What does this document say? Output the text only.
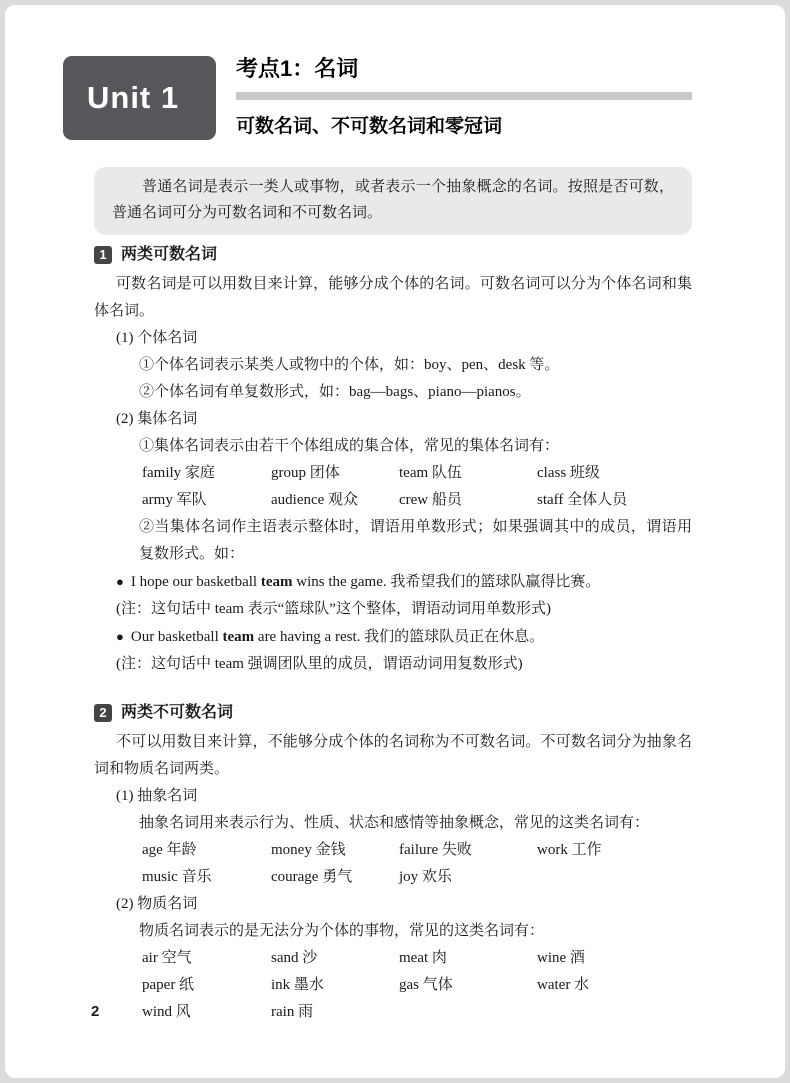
Unit 1
考点1：名词
可数名词、不可数名词和零冠词

普通名词是表示一类人或事物，或者表示一个抽象概念的名词。按照是否可数，普通名词可分为可数名词和不可数名词。

1 两类可数名词

可数名词是可以用数目来计算，能够分成个体的名词。可数名词可以分为个体名词和集体名词。

(1) 个体名词

①个体名词表示某类人或物中的个体，如：boy、pen、desk 等。

②个体名词有单复数形式，如：bag—bags、piano—pianos。

(2) 集体名词

①集体名词表示由若干个体组成的集合体，常见的集体名词有：

family 家庭	group 团体	team 队伍	class 班级
army 军队	audience 观众	crew 船员	staff 全体人员

②当集体名词作主语表示整体时，谓语用单数形式；如果强调其中的成员，谓语用复数形式。如：

● I hope our basketball team wins the game. 我希望我们的篮球队赢得比赛。

(注：这句话中 team 表示“篮球队”这个整体，谓语动词用单数形式)

● Our basketball team are having a rest. 我们的篮球队员正在休息。

(注：这句话中 team 强调团队里的成员，谓语动词用复数形式)

2 两类不可数名词

不可以用数目来计算，不能够分成个体的名词称为不可数名词。不可数名词分为抽象名词和物质名词两类。

(1) 抽象名词

抽象名词用来表示行为、性质、状态和感情等抽象概念，常见的这类名词有：

age 年龄	money 金钱	failure 失败	work 工作
music 音乐	courage 勇气	joy 欢乐

(2) 物质名词

物质名词表示的是无法分为个体的事物，常见的这类名词有：

air 空气	sand 沙	meat 肉	wine 酒
paper 纸	ink 墨水	gas 气体	water 水
wind 风	rain 雨
2
